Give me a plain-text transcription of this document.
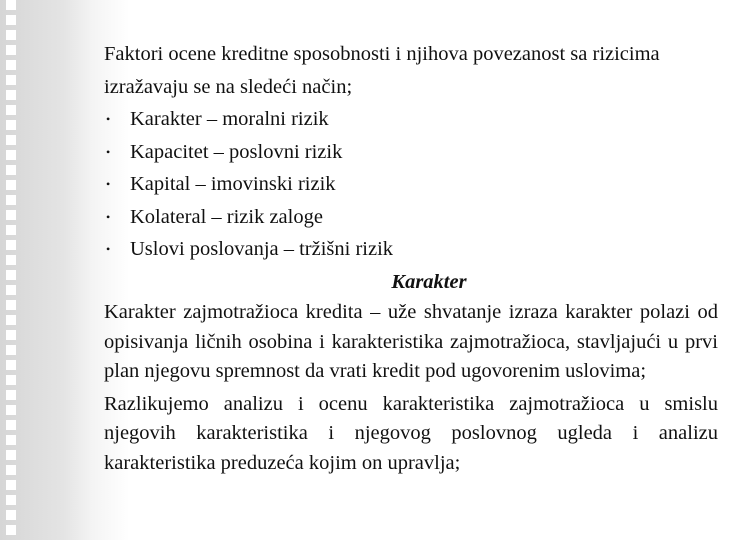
Faktori ocene kreditne sposobnosti i njihova povezanost sa rizicima izražavaju se na sledeći način;

• Karakter – moralni rizik
• Kapacitet – poslovni rizik
• Kapital – imovinski rizik
• Kolateral – rizik zaloge
• Uslovi poslovanja – tržišni rizik

Karakter

Karakter zajmotražioca kredita – uže shvatanje izraza karakter polazi od opisivanja ličnih osobina i karakteristika zajmotražioca, stavljajući u prvi plan njegovu spremnost da vrati kredit pod ugovorenim uslovima;

Razlikujemo analizu i ocenu karakteristika zajmotražioca u smislu njegovih karakteristika i njegovog poslovnog ugleda i analizu karakteristika preduzeća kojim on upravlja;
